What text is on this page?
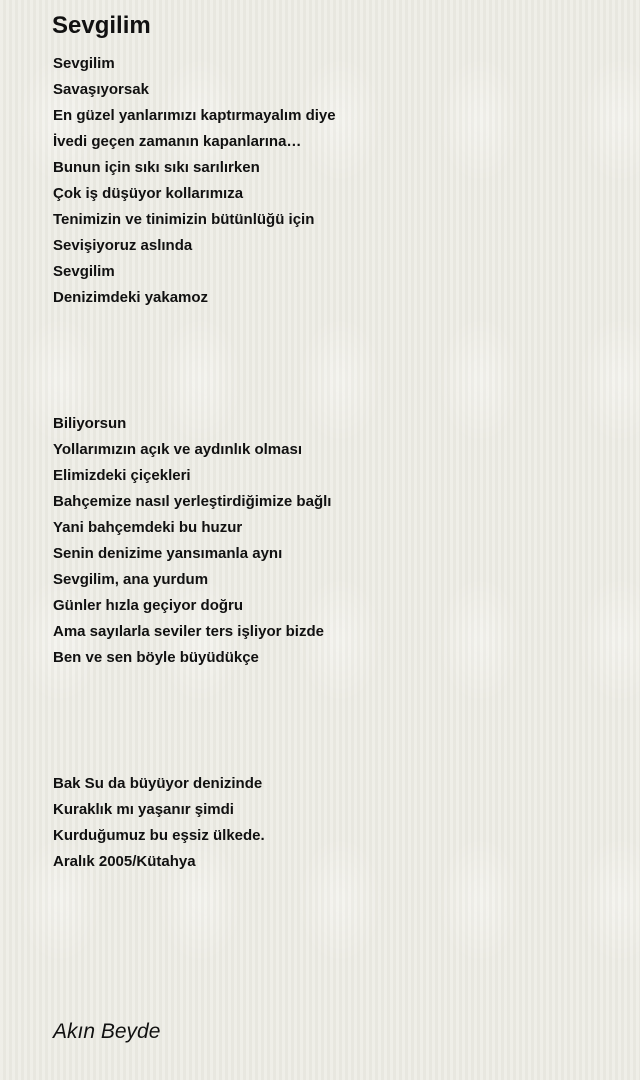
Sevgilim
Sevgilim
Savaşıyorsak
En güzel yanlarımızı kaptırmayalım diye
İvedi geçen zamanın kapanlarına…
Bunun için sıkı sıkı sarılırken
Çok iş düşüyor kollarımıza
Tenimizin ve tinimizin bütünlüğü için
Sevişiyoruz aslında
Sevgilim
Denizimdeki yakamoz
Biliyorsun
Yollarımızın açık ve aydınlık olması
Elimizdeki çiçekleri
Bahçemize nasıl yerleştirdiğimize bağlı
Yani bahçemdeki bu huzur
Senin denizime yansımanla aynı
Sevgilim, ana yurdum
Günler hızla geçiyor doğru
Ama sayılarla seviler ters işliyor bizde
Ben ve sen böyle büyüdükçe
Bak Su da büyüyor denizinde
Kuraklık mı yaşanır şimdi
Kurduğumuz bu eşsiz ülkede.
Aralık 2005/Kütahya
Akın Beyde
